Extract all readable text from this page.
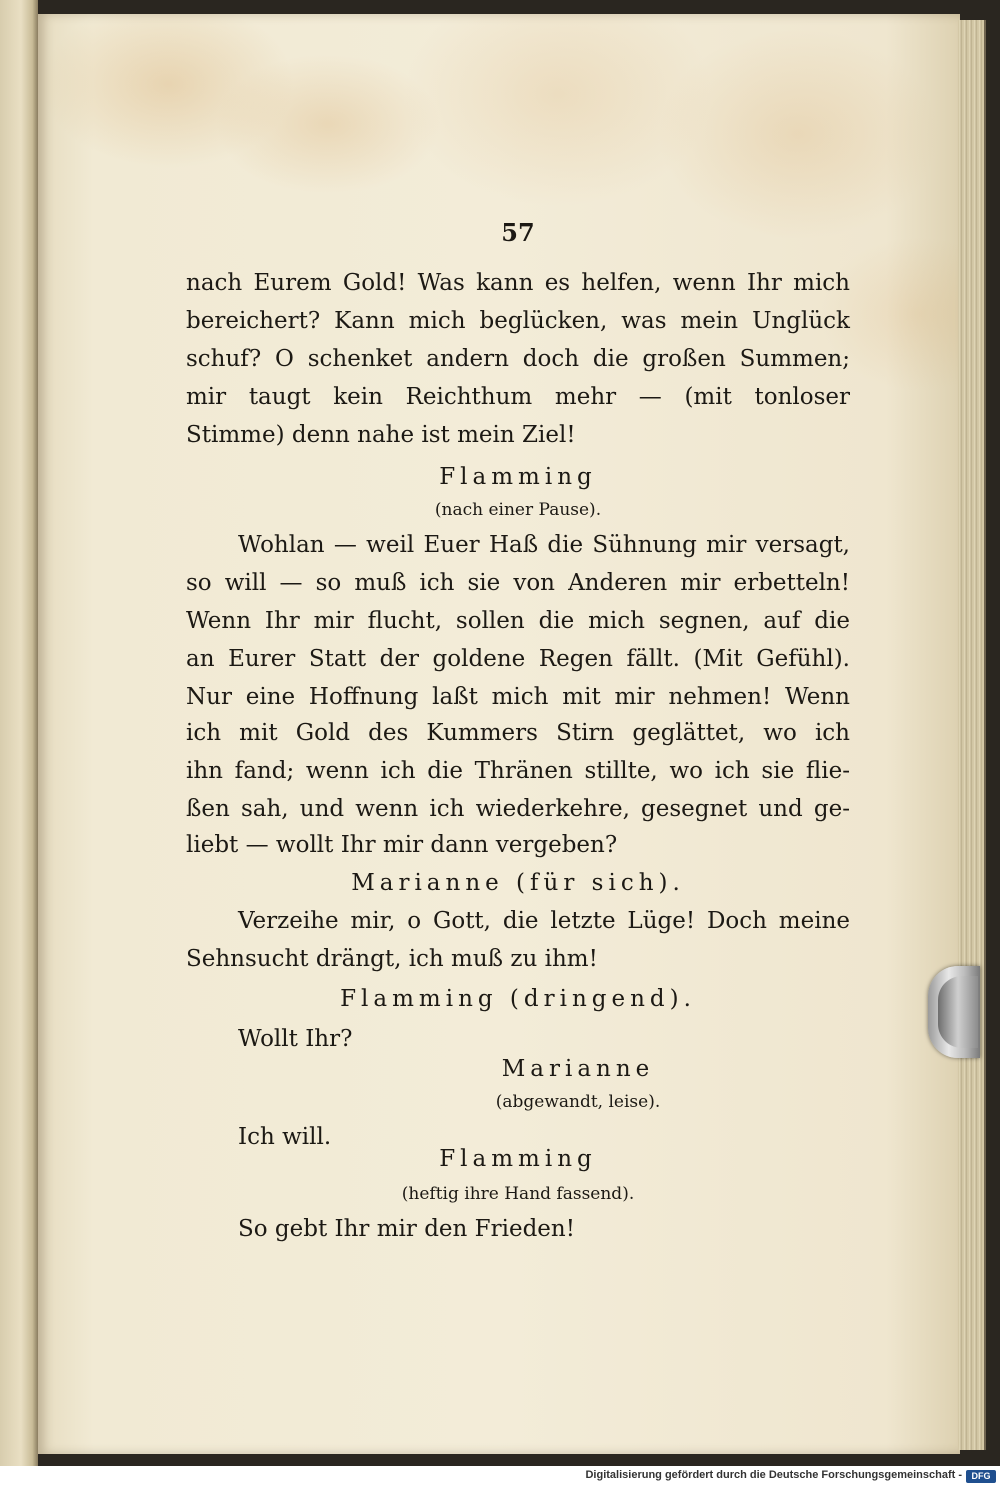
57
nach Eurem Gold! Was kann es helfen, wenn Ihr mich
bereichert? Kann mich beglücken, was mein Unglück
schuf? O schenket andern doch die großen Summen;
mir taugt kein Reichthum mehr — (mit tonloser
Stimme) denn nahe ist mein Ziel!
Flamming
(nach einer Pause).
Wohlan — weil Euer Haß die Sühnung mir versagt,
so will — so muß ich sie von Anderen mir erbetteln!
Wenn Ihr mir flucht, sollen die mich segnen, auf die
an Eurer Statt der goldene Regen fällt. (Mit Gefühl).
Nur eine Hoffnung laßt mich mit mir nehmen! Wenn
ich mit Gold des Kummers Stirn geglättet, wo ich
ihn fand; wenn ich die Thränen stillte, wo ich sie flie-
ßen sah, und wenn ich wiederkehre, gesegnet und ge-
liebt — wollt Ihr mir dann vergeben?
Marianne (für sich).
Verzeihe mir, o Gott, die letzte Lüge! Doch meine
Sehnsucht drängt, ich muß zu ihm!
Flamming (dringend).
Wollt Ihr?
Marianne
(abgewandt, leise).
Ich will.
Flamming
(heftig ihre Hand fassend).
So gebt Ihr mir den Frieden!
Digitalisierung gefördert durch die Deutsche Forschungsgemeinschaft -	DFG
